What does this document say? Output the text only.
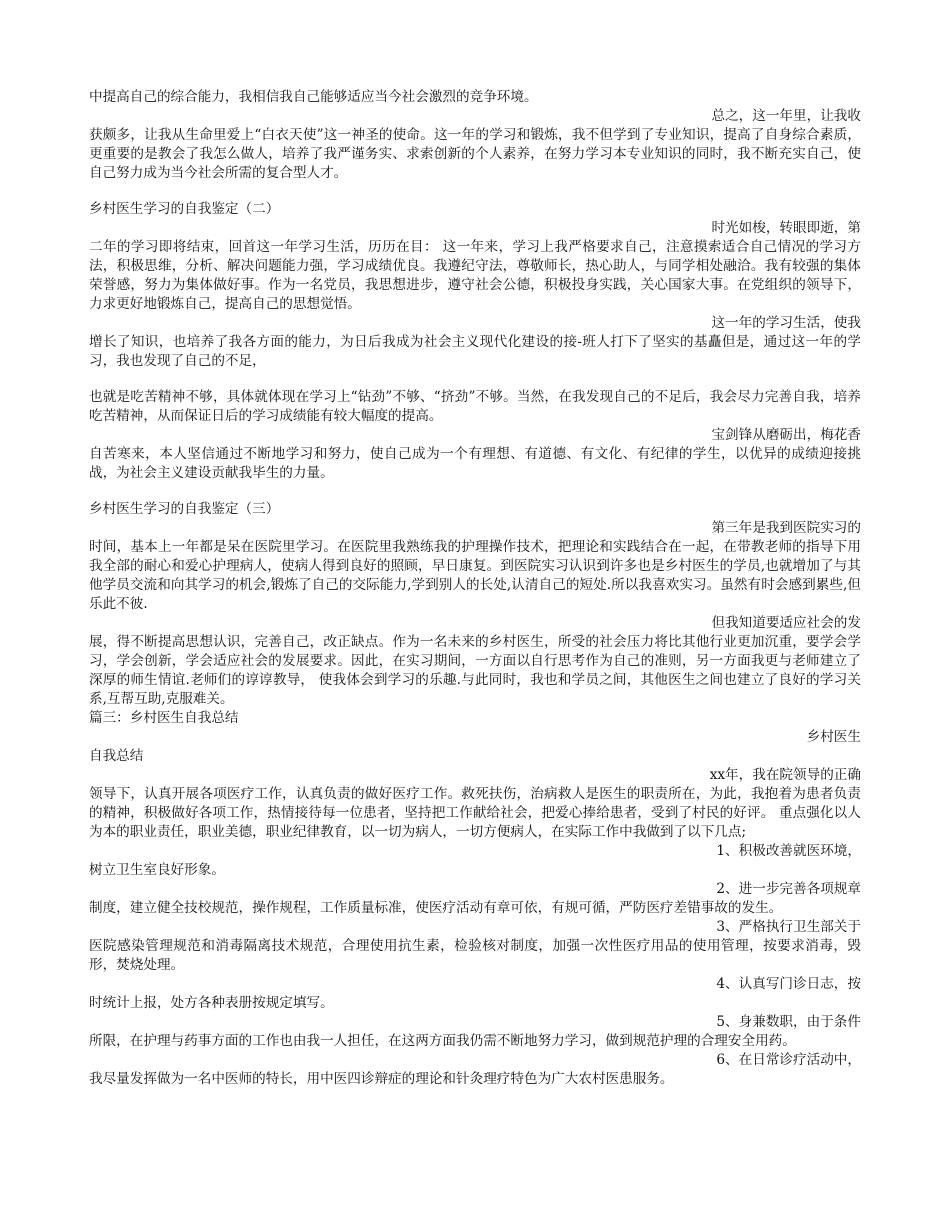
中提高自己的综合能力，我相信我自己能够适应当今社会激烈的竞争环境。

总之，这一年里，让我收

获颇多，让我从生命里爱上“白衣天使”这一神圣的使命。这一年的学习和锻炼，我不但学到了专业知识，提高了自身综合素质，更重要的是教会了我怎么做人，培养了我严谨务实、求索创新的个人素养，在努力学习本专业知识的同时，我不断充实自己，使自己努力成为当今社会所需的复合型人才。

乡村医生学习的自我鉴定（二）

时光如梭，转眼即逝，第

二年的学习即将结束，回首这一年学习生活，历历在目： 这一年来，学习上我严格要求自己，注意摸索适合自己情况的学习方法，积极思维，分析、解决问题能力强，学习成绩优良。我遵纪守法，尊敬师长，热心助人，与同学相处融洽。我有较强的集体荣誉感，努力为集体做好事。作为一名党员，我思想进步，遵守社会公德，积极投身实践，关心国家大事。在党组织的领导下，力求更好地锻炼自己，提高自己的思想觉悟。

这一年的学习生活，使我

增长了知识，也培养了我各方面的能力，为日后我成为社会主义现代化建设的接-班人打下了坚实的基矗但是，通过这一年的学习，我也发现了自己的不足，

也就是吃苦精神不够，具体就体现在学习上“钻劲”不够、“挤劲”不够。当然，在我发现自己的不足后，我会尽力完善自我，培养吃苦精神，从而保证日后的学习成绩能有较大幅度的提高。

宝剑锋从磨砺出，梅花香

自苦寒来，本人坚信通过不断地学习和努力，使自己成为一个有理想、有道德、有文化、有纪律的学生，以优异的成绩迎接挑战，为社会主义建设贡献我毕生的力量。

乡村医生学习的自我鉴定（三）

第三年是我到医院实习的

时间，基本上一年都是呆在医院里学习。在医院里我熟练我的护理操作技术，把理论和实践结合在一起，在带教老师的指导下用我全部的耐心和爱心护理病人，使病人得到良好的照顾，早日康复。到医院实习认识到许多也是乡村医生的学员,也就增加了与其他学员交流和向其学习的机会,锻炼了自己的交际能力,学到别人的长处,认清自己的短处.所以我喜欢实习。虽然有时会感到累些,但乐此不彼.

但我知道要适应社会的发

展，得不断提高思想认识，完善自己，改正缺点。作为一名未来的乡村医生，所受的社会压力将比其他行业更加沉重，要学会学习，学会创新，学会适应社会的发展要求。因此，在实习期间，一方面以自行思考作为自己的准则，另一方面我更与老师建立了深厚的师生情谊.老师们的谆谆教导， 使我体会到学习的乐趣.与此同时，我也和学员之间，其他医生之间也建立了良好的学习关系,互帮互助,克服难关。

篇三：乡村医生自我总结

乡村医生

自我总结

xx年，我在院领导的正确

领导下，认真开展各项医疗工作，认真负责的做好医疗工作。救死扶伤，治病救人是医生的职责所在，为此，我抱着为患者负责的精神，积极做好各项工作，热情接待每一位患者，坚持把工作献给社会，把爱心捧给患者，受到了村民的好评。 重点强化以人为本的职业责任，职业美德，职业纪律教育，以一切为病人，一切方便病人，在实际工作中我做到了以下几点;

1、积极改善就医环境，

树立卫生室良好形象。

2、进一步完善各项规章

制度，建立健全技校规范，操作规程，工作质量标准，使医疗活动有章可依，有规可循，严防医疗差错事故的发生。

3、严格执行卫生部关于

医院感染管理规范和消毒隔离技术规范，合理使用抗生素，检验核对制度，加强一次性医疗用品的使用管理，按要求消毒，毁形，焚烧处理。

4、认真写门诊日志，按

时统计上报，处方各种表册按规定填写。

5、身兼数职，由于条件

所限，在护理与药事方面的工作也由我一人担任，在这两方面我仍需不断地努力学习，做到规范护理的合理安全用药。

6、在日常诊疗活动中，

我尽量发挥做为一名中医师的特长，用中医四诊辩症的理论和针灸理疗特色为广大农村医患服务。
